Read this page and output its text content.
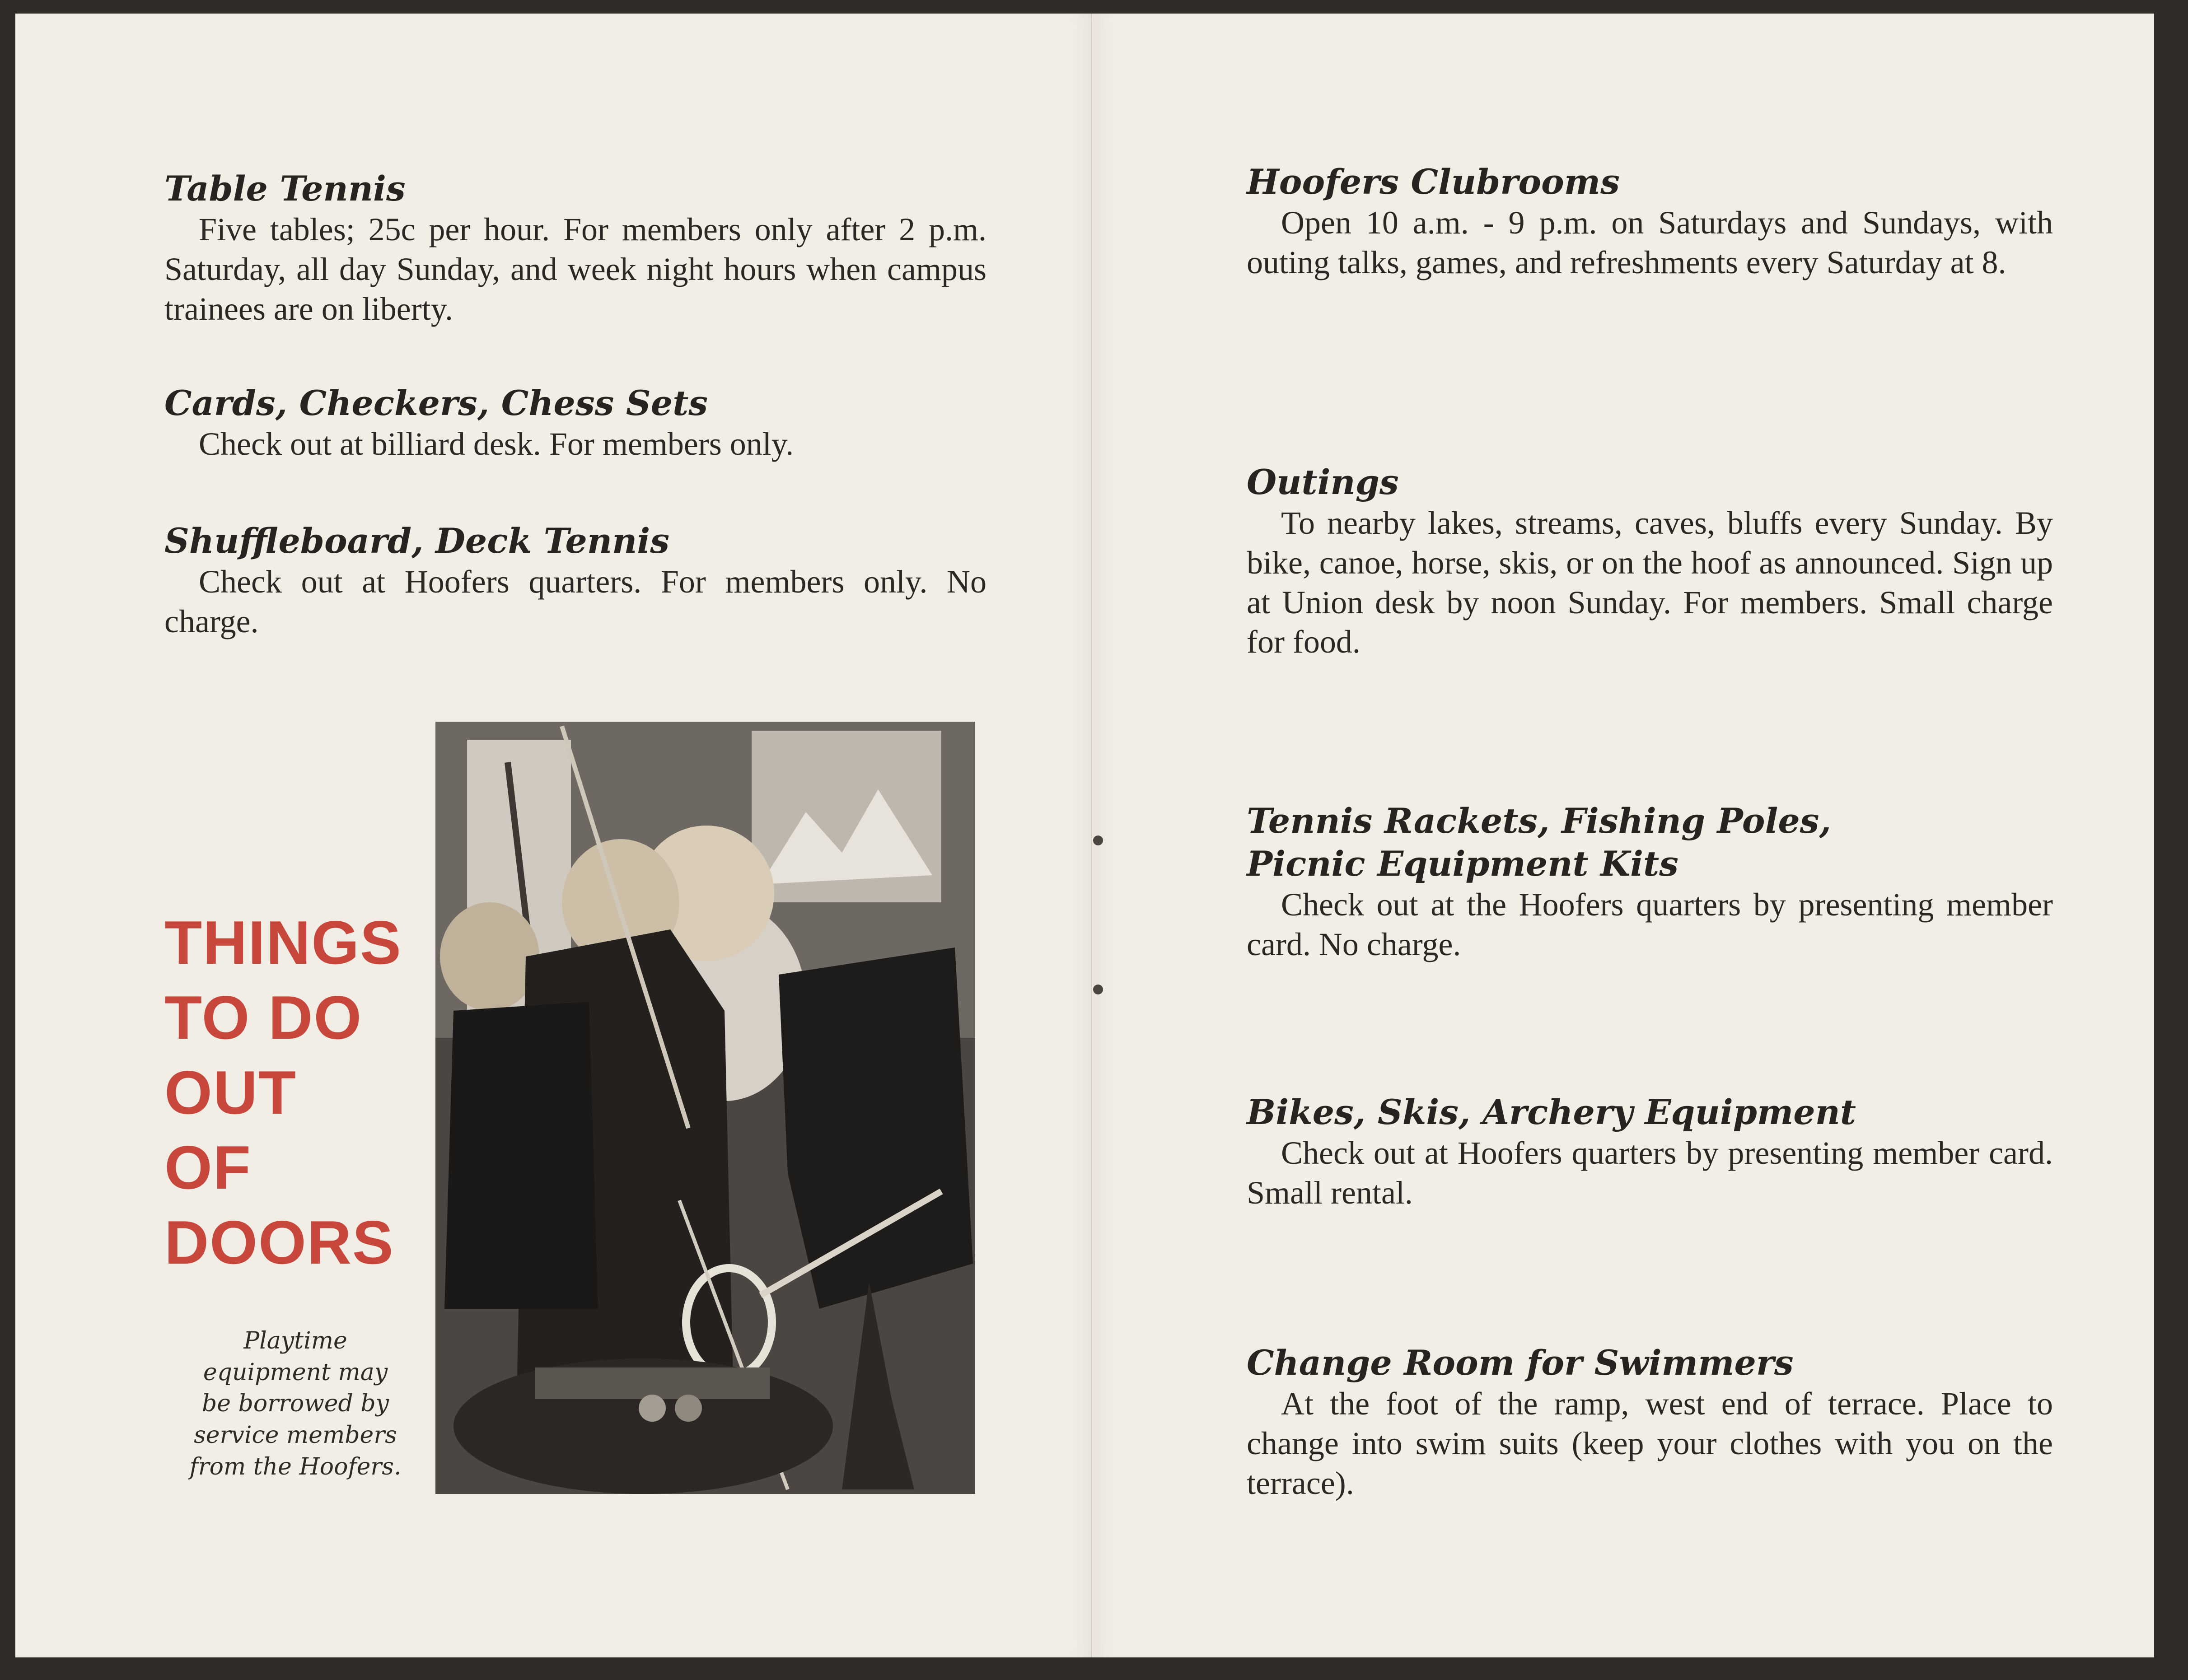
Table Tennis

Five tables; 25c per hour. For members only after 2 p.m. Saturday, all day Sunday, and week night hours when campus trainees are on liberty.

Cards, Checkers, Chess Sets

Check out at billiard desk. For members only.

Shuffleboard, Deck Tennis

Check out at Hoofers quarters. For members only. No charge.

THINGS
TO DO
OUT
OF
DOORS

Playtime equipment may be borrowed by service members from the Hoofers.

Hoofers Clubrooms

Open 10 a.m. - 9 p.m. on Saturdays and Sundays, with outing talks, games, and refreshments every Saturday at 8.

Outings

To nearby lakes, streams, caves, bluffs every Sunday. By bike, canoe, horse, skis, or on the hoof as announced. Sign up at Union desk by noon Sunday. For members. Small charge for food.

Tennis Rackets, Fishing Poles, Picnic Equipment Kits

Check out at the Hoofers quarters by presenting member card. No charge.

Bikes, Skis, Archery Equipment

Check out at Hoofers quarters by presenting member card. Small rental.

Change Room for Swimmers

At the foot of the ramp, west end of terrace. Place to change into swim suits (keep your clothes with you on the terrace).
